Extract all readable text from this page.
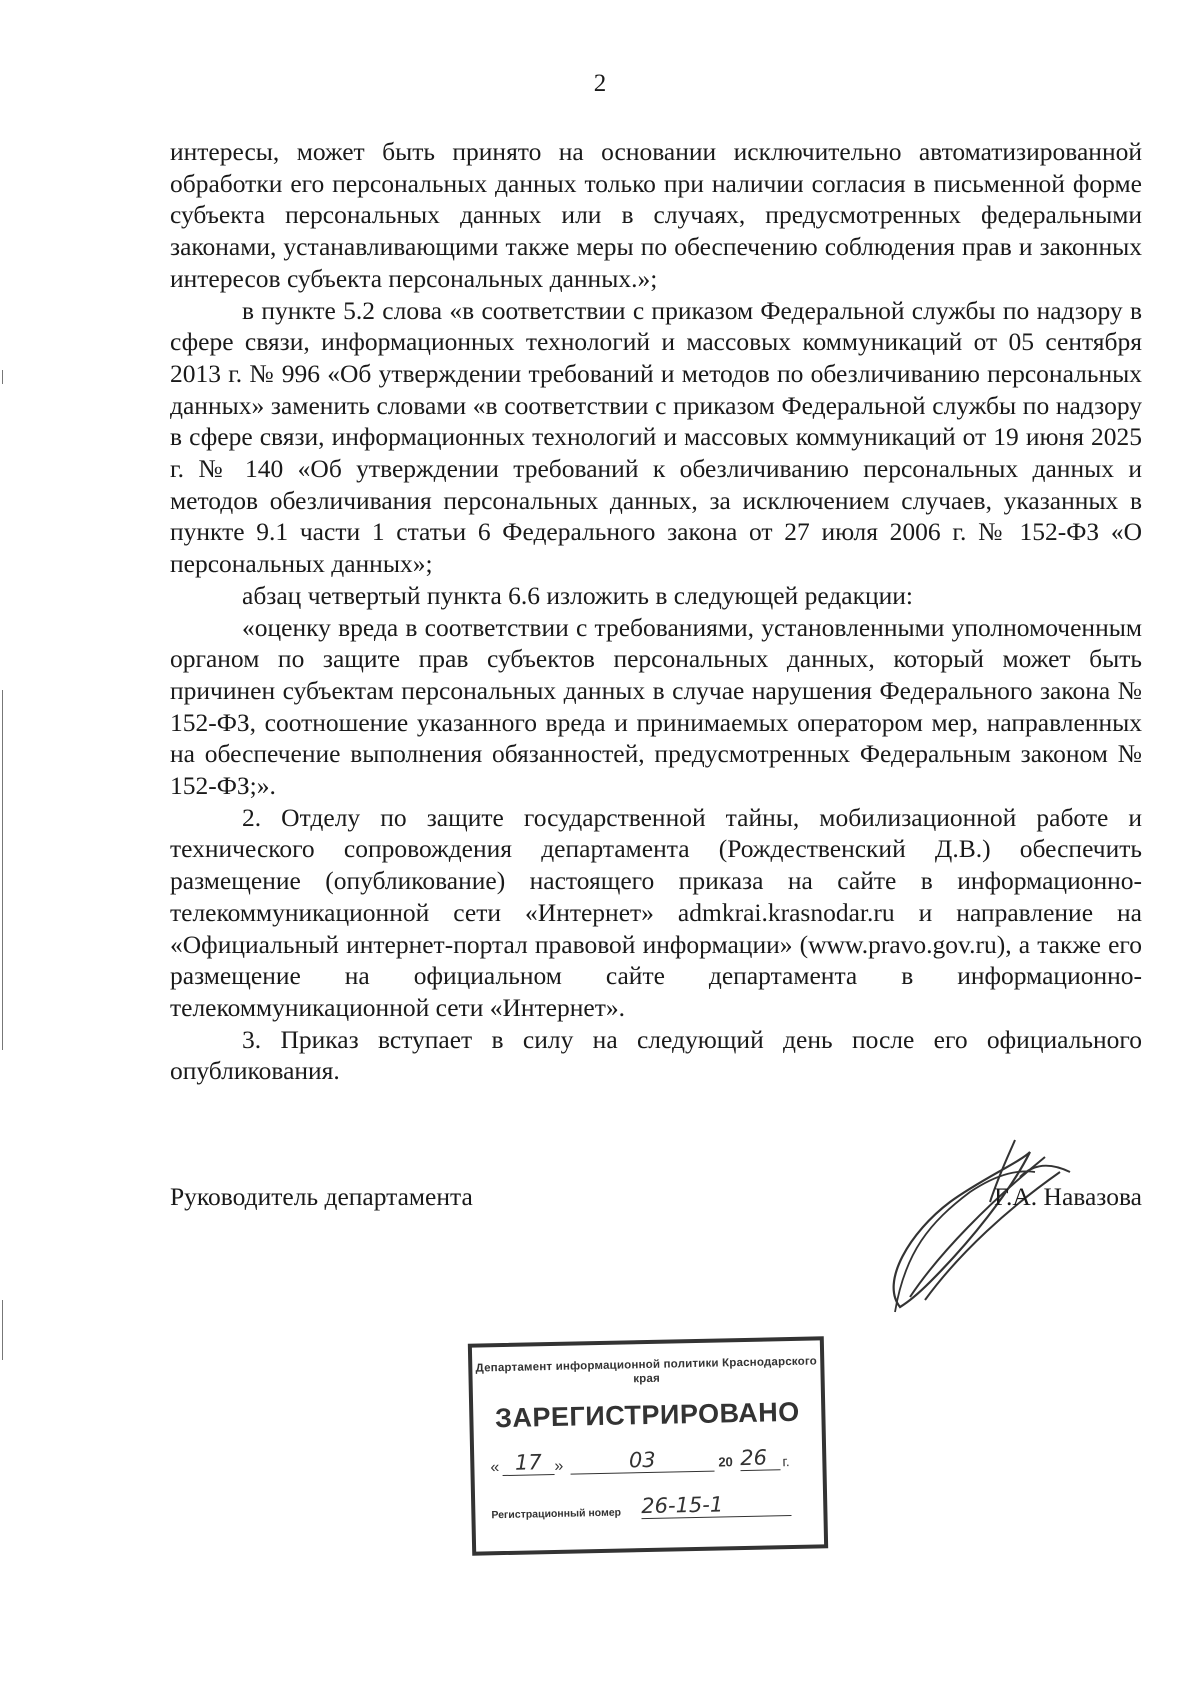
2

интересы, может быть принято на основании исключительно автоматизированной обработки его персональных данных только при наличии согласия в письменной форме субъекта персональных данных или в случаях, предусмотренных федеральными законами, устанавливающими также меры по обеспечению соблюдения прав и законных интересов субъекта персональных данных.»;

в пункте 5.2 слова «в соответствии с приказом Федеральной службы по надзору в сфере связи, информационных технологий и массовых коммуникаций от 05 сентября 2013 г. № 996 «Об утверждении требований и методов по обезличиванию персональных данных» заменить словами «в соответствии с приказом Федеральной службы по надзору в сфере связи, информационных технологий и массовых коммуникаций от 19 июня 2025 г. № 140 «Об утверждении требований к обезличиванию персональных данных и методов обезличивания персональных данных, за исключением случаев, указанных в пункте 9.1 части 1 статьи 6 Федерального закона от 27 июля 2006 г. № 152-ФЗ «О персональных данных»;

абзац четвертый пункта 6.6 изложить в следующей редакции:

«оценку вреда в соответствии с требованиями, установленными уполномоченным органом по защите прав субъектов персональных данных, который может быть причинен субъектам персональных данных в случае нарушения Федерального закона № 152-ФЗ, соотношение указанного вреда и принимаемых оператором мер, направленных на обеспечение выполнения обязанностей, предусмотренных Федеральным законом № 152-ФЗ;».

2. Отделу по защите государственной тайны, мобилизационной работе и технического сопровождения департамента (Рождественский Д.В.) обеспечить размещение (опубликование) настоящего приказа на сайте в информационно-телекоммуникационной сети «Интернет» admkrai.krasnodar.ru и направление на «Официальный интернет-портал правовой информации» (www.pravo.gov.ru), а также его размещение на официальном сайте департамента в информационно-телекоммуникационной сети «Интернет».

3. Приказ вступает в силу на следующий день после его официального опубликования.

Руководитель департамента	Г.А. Навазова
Департамент информационной политики Краснодарского края
ЗАРЕГИСТРИРОВАНО
« 17 »	03	20 26	г.
Регистрационный номер 26-15-1
